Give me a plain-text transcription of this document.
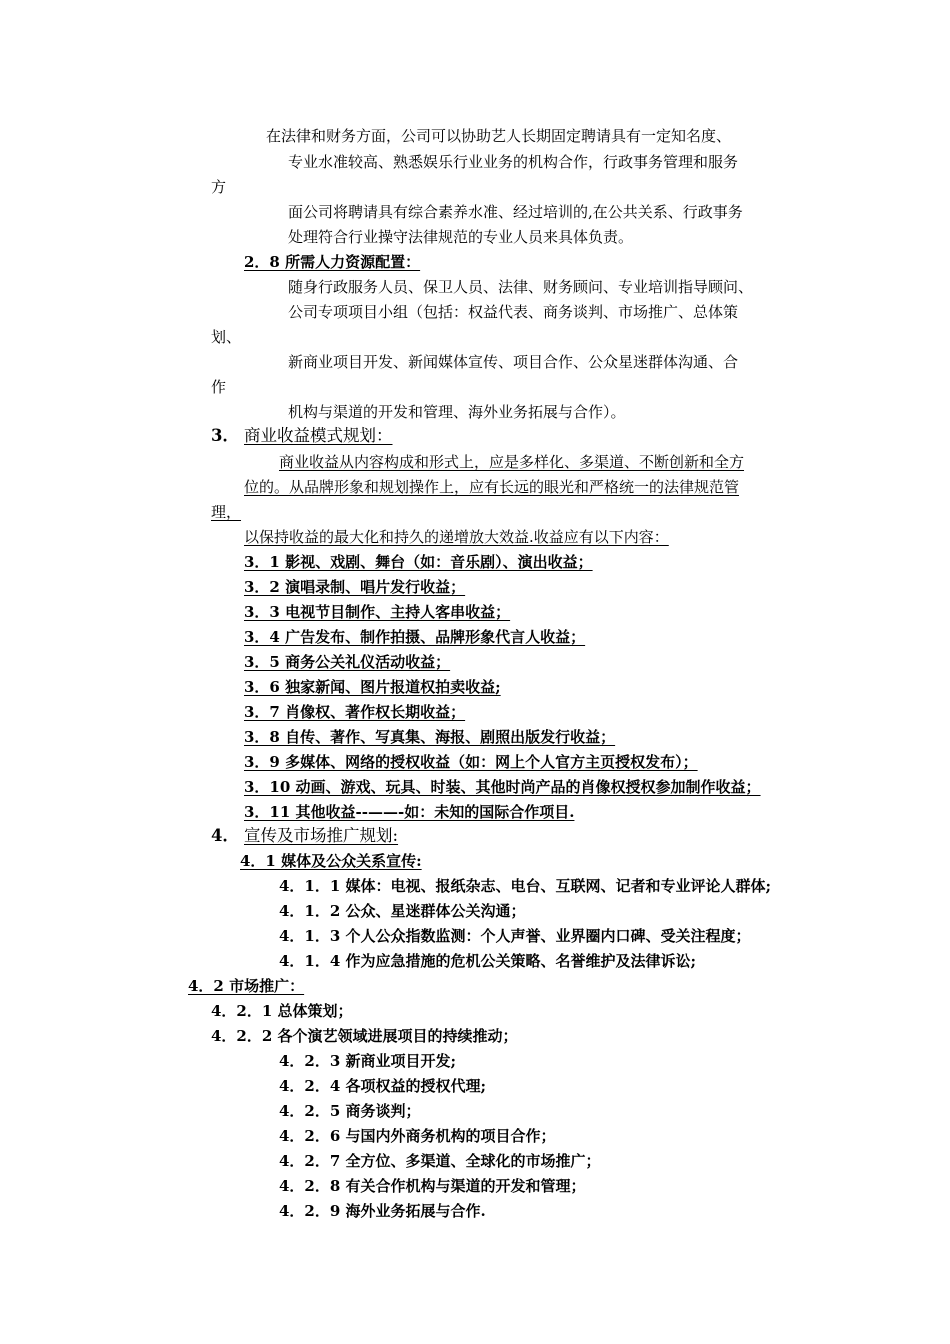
在法律和财务方面，公司可以协助艺人长期固定聘请具有一定知名度、
专业水准较高、熟悉娱乐行业业务的机构合作，行政事务管理和服务
方
面公司将聘请具有综合素养水准、经过培训的,在公共关系、行政事务
处理符合行业操守法律规范的专业人员来具体负责。
2．8 所需人力资源配置：
随身行政服务人员、保卫人员、法律、财务顾问、专业培训指导顾问、
公司专项项目小组（包括：权益代表、商务谈判、市场推广、总体策
划、
新商业项目开发、新闻媒体宣传、项目合作、公众星迷群体沟通、合
作
机构与渠道的开发和管理、海外业务拓展与合作）。
3． 商业收益模式规划：
商业收益从内容构成和形式上，应是多样化、多渠道、不断创新和全方
位的。从品牌形象和规划操作上，应有长远的眼光和严格统一的法律规范管
理，
以保持收益的最大化和持久的递增放大效益.收益应有以下内容：
3．1 影视、戏剧、舞台（如：音乐剧）、演出收益；
3．2 演唱录制、唱片发行收益；
3．3 电视节目制作、主持人客串收益；
3．4 广告发布、制作拍摄、品牌形象代言人收益；
3．5 商务公关礼仪活动收益；
3．6 独家新闻、图片报道权拍卖收益;
3．7 肖像权、著作权长期收益；
3．8 自传、著作、写真集、海报、剧照出版发行收益；
3．9 多媒体、网络的授权收益（如：网上个人官方主页授权发布）；
3．10 动画、游戏、玩具、时装、其他时尚产品的肖像权授权参加制作收益；
3．11 其他收益--——-如：未知的国际合作项目.
4． 宣传及市场推广规划:
4．1 媒体及公众关系宣传:
4．1．1 媒体：电视、报纸杂志、电台、互联网、记者和专业评论人群体;
4．1．2 公众、星迷群体公关沟通；
4．1．3 个人公众指数监测：个人声誉、业界圈内口碑、受关注程度；
4．1．4 作为应急措施的危机公关策略、名誉维护及法律诉讼;
4．2 市场推广：
4．2．1 总体策划；
4．2．2 各个演艺领域进展项目的持续推动；
4．2．3 新商业项目开发;
4．2．4 各项权益的授权代理;
4．2．5 商务谈判；
4．2．6 与国内外商务机构的项目合作；
4．2．7 全方位、多渠道、全球化的市场推广；
4．2．8 有关合作机构与渠道的开发和管理；
4．2．9 海外业务拓展与合作.
